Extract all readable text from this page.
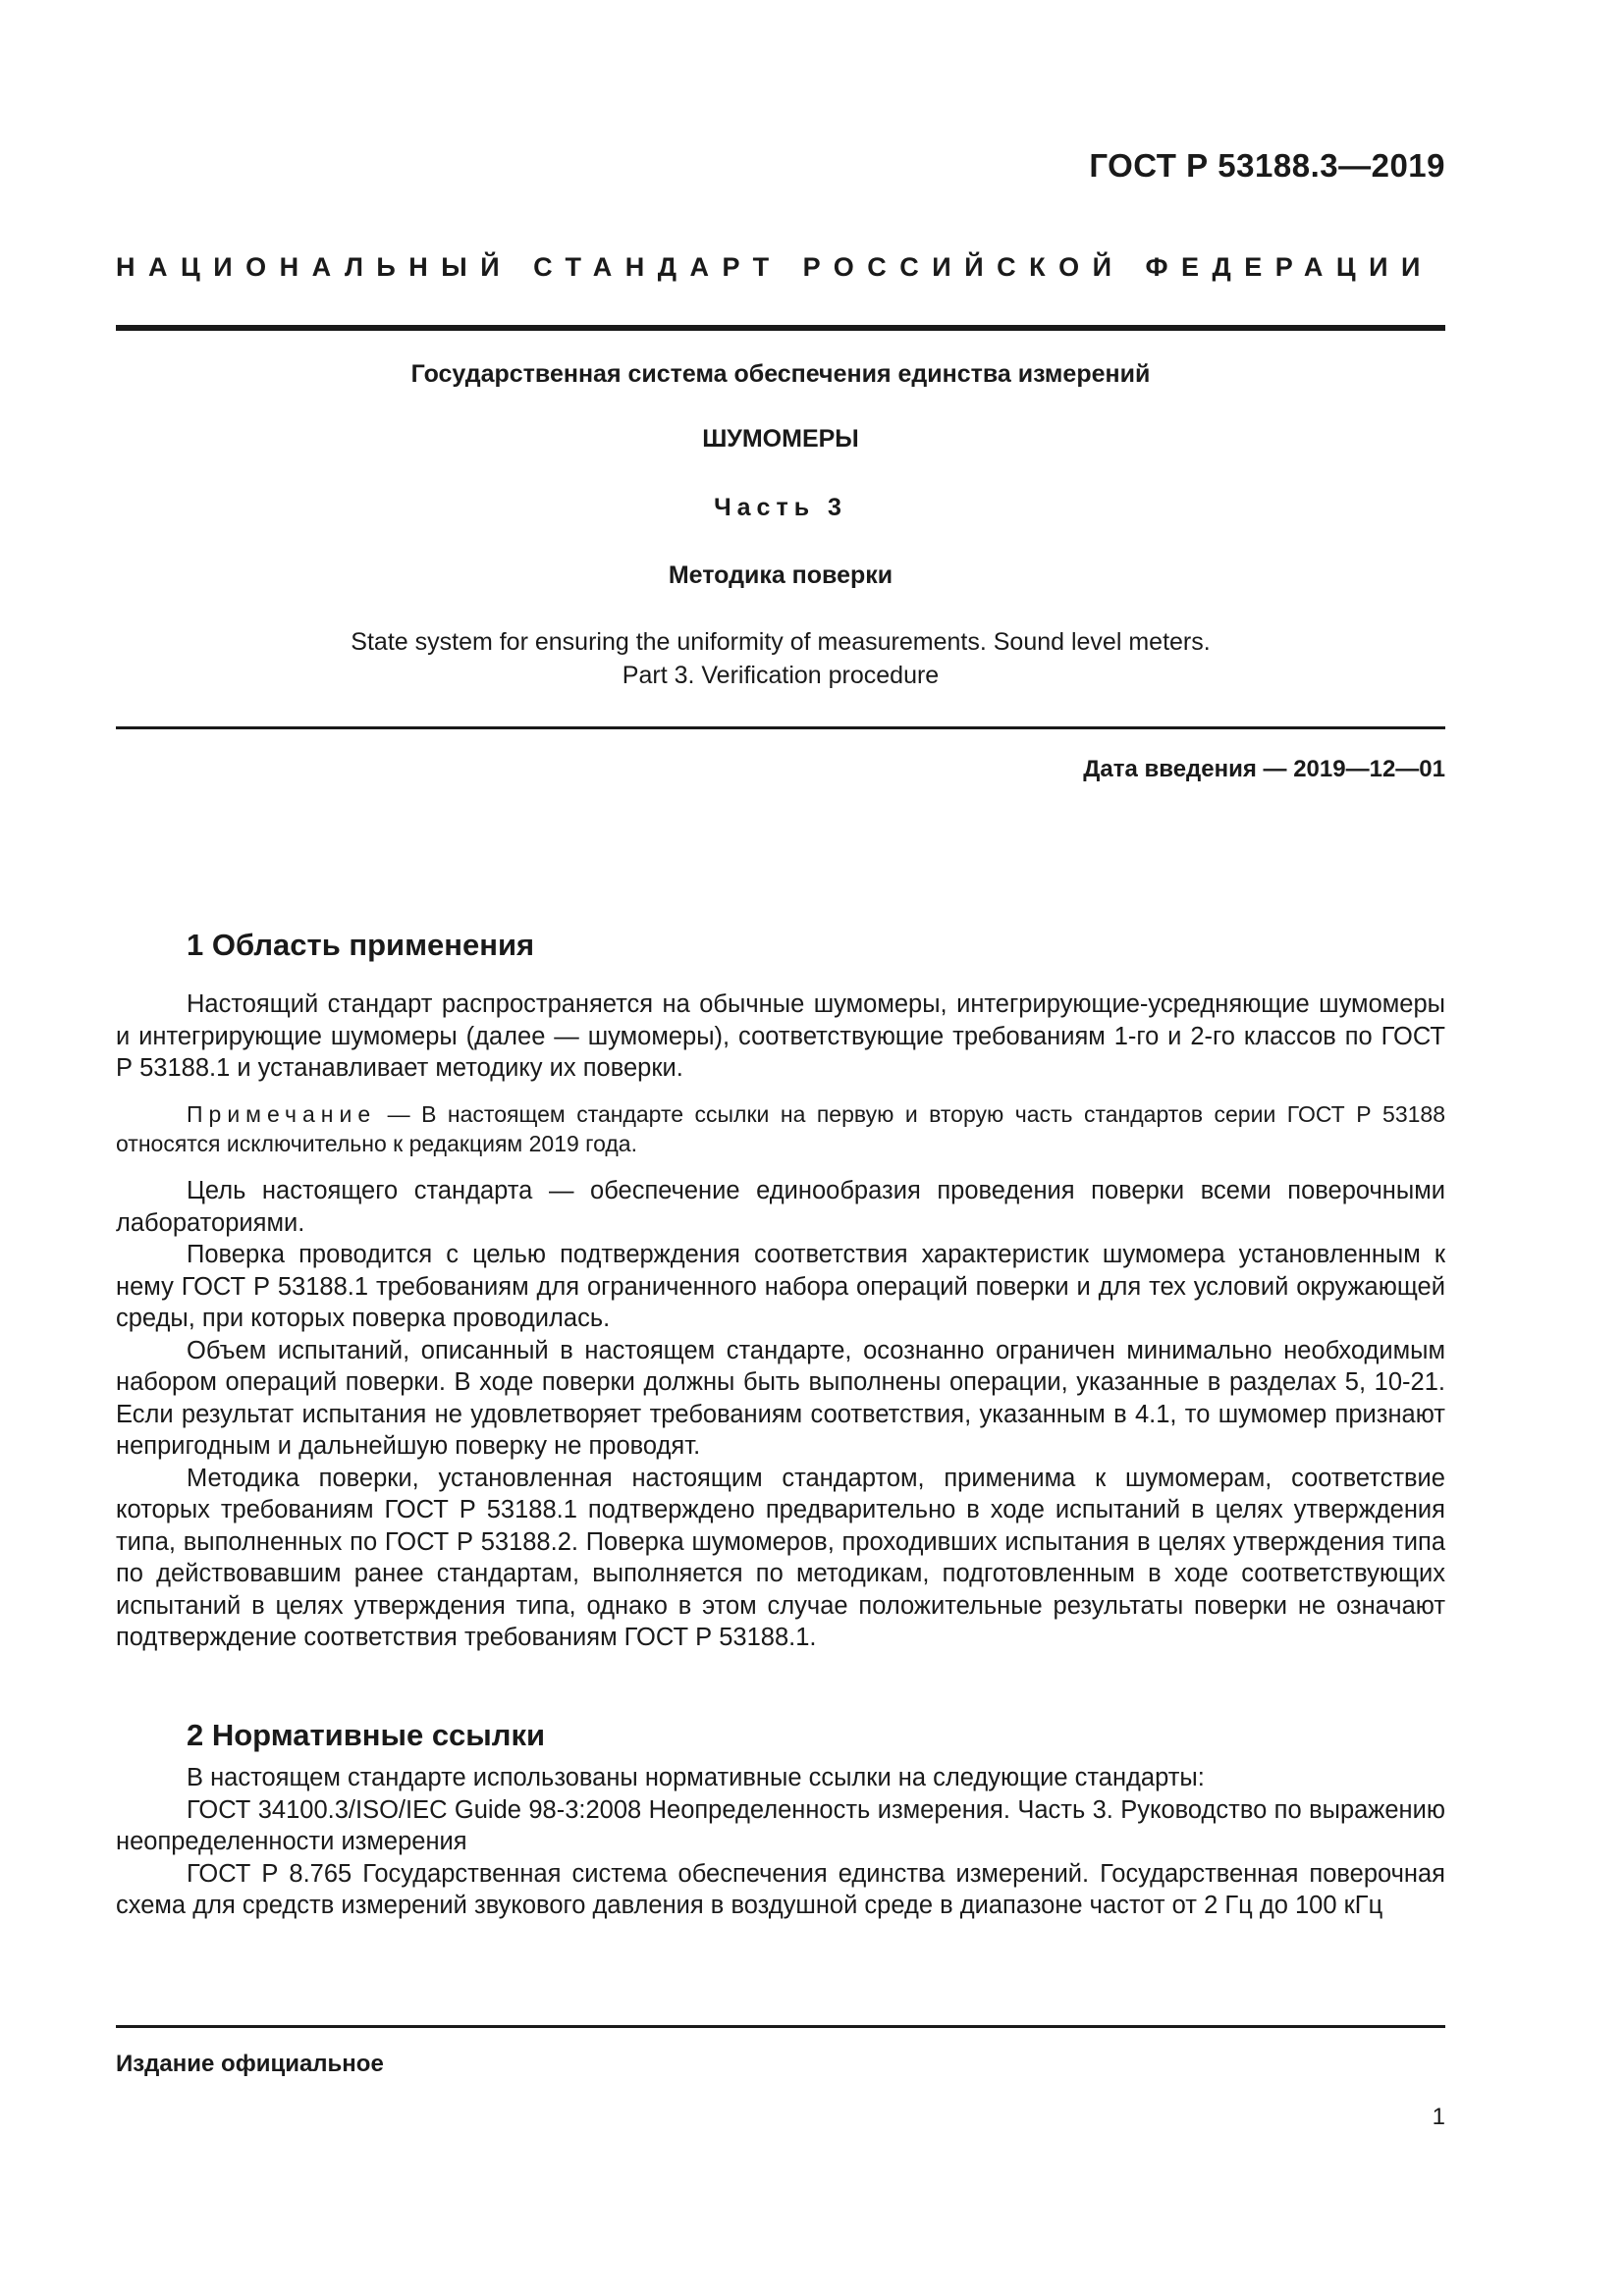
ГОСТ Р 53188.3—2019
НАЦИОНАЛЬНЫЙ СТАНДАРТ РОССИЙСКОЙ ФЕДЕРАЦИИ
Государственная система обеспечения единства измерений
ШУМОМЕРЫ
Часть 3
Методика поверки
State system for ensuring the uniformity of measurements. Sound level meters.
Part 3. Verification procedure
Дата введения — 2019—12—01
1 Область применения

Настоящий стандарт распространяется на обычные шумомеры, интегрирующие-усредняющие шумомеры и интегрирующие шумомеры (далее — шумомеры), соответствующие требованиям 1-го и 2-го классов по ГОСТ Р 53188.1 и устанавливает методику их поверки.

Примечание — В настоящем стандарте ссылки на первую и вторую часть стандартов серии ГОСТ Р 53188 относятся исключительно к редакциям 2019 года.

Цель настоящего стандарта — обеспечение единообразия проведения поверки всеми поверочными лабораториями.

Поверка проводится с целью подтверждения соответствия характеристик шумомера установленным к нему ГОСТ Р 53188.1 требованиям для ограниченного набора операций поверки и для тех условий окружающей среды, при которых поверка проводилась.

Объем испытаний, описанный в настоящем стандарте, осознанно ограничен минимально необходимым набором операций поверки. В ходе поверки должны быть выполнены операции, указанные в разделах 5, 10-21. Если результат испытания не удовлетворяет требованиям соответствия, указанным в 4.1, то шумомер признают непригодным и дальнейшую поверку не проводят.

Методика поверки, установленная настоящим стандартом, применима к шумомерам, соответствие которых требованиям ГОСТ Р 53188.1 подтверждено предварительно в ходе испытаний в целях утверждения типа, выполненных по ГОСТ Р 53188.2. Поверка шумомеров, проходивших испытания в целях утверждения типа по действовавшим ранее стандартам, выполняется по методикам, подготовленным в ходе соответствующих испытаний в целях утверждения типа, однако в этом случае положительные результаты поверки не означают подтверждение соответствия требованиям ГОСТ Р 53188.1.

2 Нормативные ссылки

В настоящем стандарте использованы нормативные ссылки на следующие стандарты:

ГОСТ 34100.3/ISO/IEC Guide 98-3:2008 Неопределенность измерения. Часть 3. Руководство по выражению неопределенности измерения

ГОСТ Р 8.765 Государственная система обеспечения единства измерений. Государственная поверочная схема для средств измерений звукового давления в воздушной среде в диапазоне частот от 2 Гц до 100 кГц

Издание официальное
1
